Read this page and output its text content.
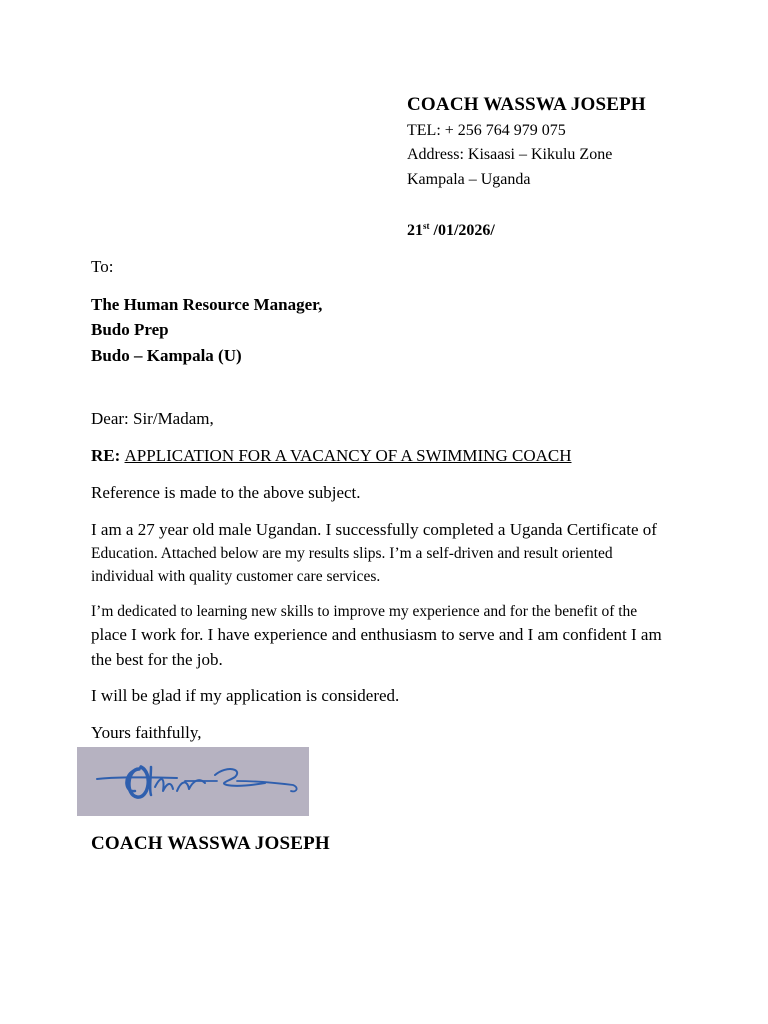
COACH WASSWA JOSEPH
TEL: + 256 764 979 075
Address: Kisaasi – Kikulu Zone
Kampala – Uganda
21st /01/2026/
To:
The Human Resource Manager,
Budo Prep
Budo – Kampala (U)
Dear: Sir/Madam,
RE: APPLICATION FOR A VACANCY OF A SWIMMING COACH
Reference is made to the above subject.
I am a 27 year old male Ugandan. I successfully completed a Uganda Certificate of
Education. Attached below are my results slips. I’m a self-driven and result oriented
individual with quality customer care services.
I’m dedicated to learning new skills to improve my experience and for the benefit of the
place I work for. I have experience and enthusiasm to serve and I am confident I am
the best for the job.
I will be glad if my application is considered.
Yours faithfully,
COACH WASSWA JOSEPH
